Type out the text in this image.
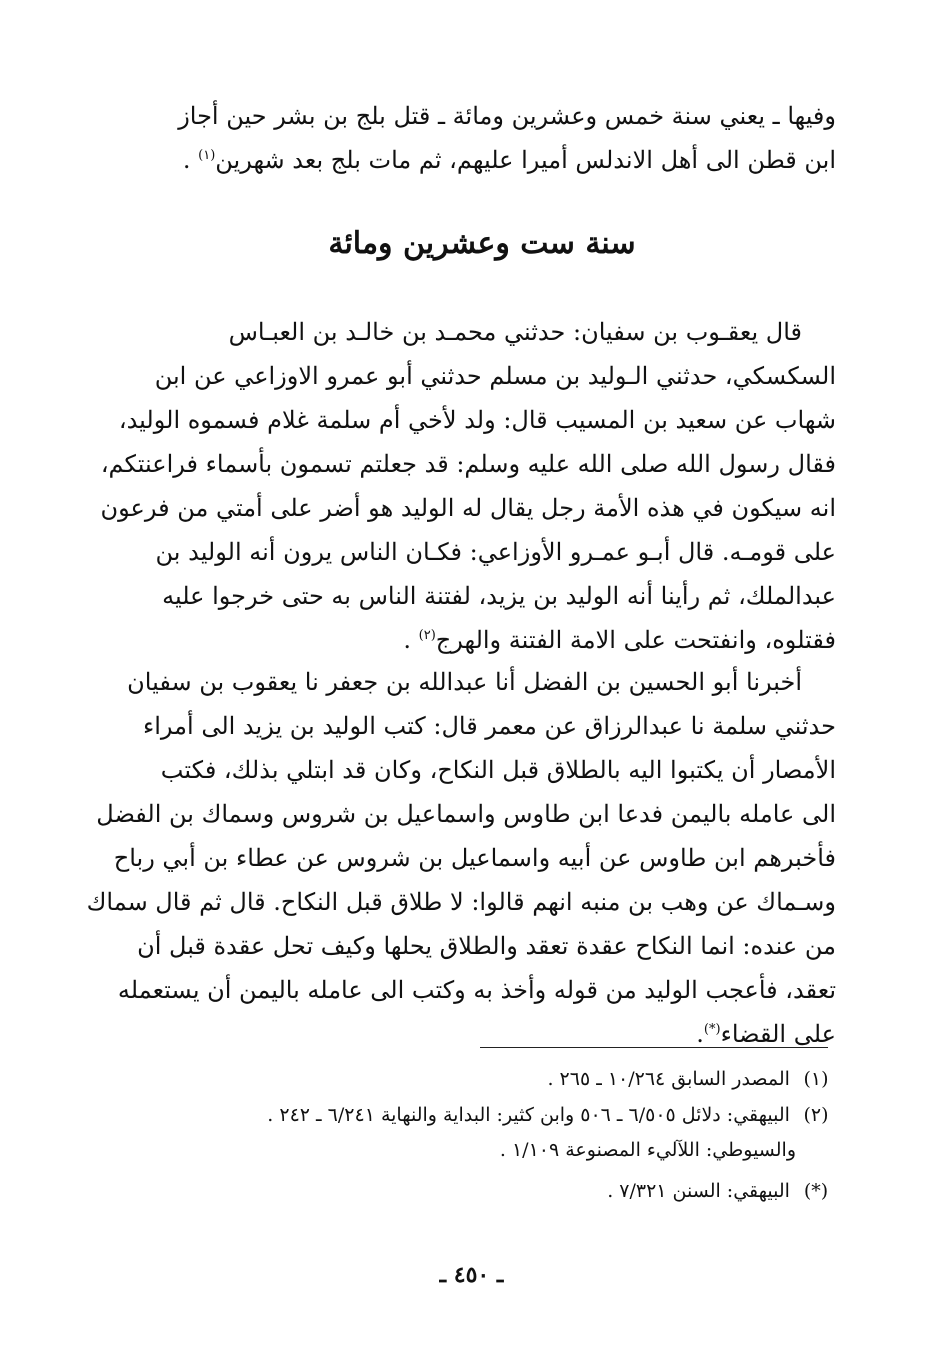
وفيها ـ يعني سنة خمس وعشرين ومائة ـ قتل بلج بن بشر حين أجاز
ابن قطن الى أهل الاندلس أميرا عليهم، ثم مات بلج بعد شهرين$^{(١)}$ .
سنة ست وعشرين ومائة
قال يعقـوب بن سفيان: حدثني محمـد بن خالـد بن العبـاس
السكسكي، حدثني الـوليد بن مسلم حدثني أبو عمرو الاوزاعي عن ابن
شهاب عن سعيد بن المسيب قال: ولد لأخي أم سلمة غلام فسموه الوليد،
فقال رسول الله صلى الله عليه وسلم: قد جعلتم تسمون بأسماء فراعنتكم،
انه سيكون في هذه الأمة رجل يقال له الوليد هو أضر على أمتي من فرعون
على قومـه. قال أبـو عمـرو الأوزاعي: فكـان الناس يرون أنه الوليد بن
عبدالملك، ثم رأينا أنه الوليد بن يزيد، لفتنة الناس به حتى خرجوا عليه
فقتلوه، وانفتحت على الامة الفتنة والهرج$^{(٢)}$ .
أخبرنا أبو الحسين بن الفضل أنا عبدالله بن جعفر نا يعقوب بن سفيان
حدثني سلمة نا عبدالرزاق عن معمر قال: كتب الوليد بن يزيد الى أمراء
الأمصار أن يكتبوا اليه بالطلاق قبل النكاح، وكان قد ابتلي بذلك، فكتب
الى عامله باليمن فدعا ابن طاوس واسماعيل بن شروس وسماك بن الفضل
فأخبرهم ابن طاوس عن أبيه واسماعيل بن شروس عن عطاء بن أبي رباح
وسـماك عن وهب بن منبه انهم قالوا: لا طلاق قبل النكاح. قال ثم قال سماك
من عنده: انما النكاح عقدة تعقد والطلاق يحلها وكيف تحل عقدة قبل أن
تعقد، فأعجب الوليد من قوله وأخذ به وكتب الى عامله باليمن أن يستعمله
على القضاء(*).
(١) المصدر السابق ١٠/٢٦٤ ـ ٢٦٥ .
(٢) البيهقي: دلائل ٦/٥٠٥ ـ ٥٠٦ وابن كثير: البداية والنهاية ٦/٢٤١ ـ ٢٤٢ .
والسيوطي: اللآليء المصنوعة ١/١٠٩ .
(*) البيهقي: السنن ٧/٣٢١ .
ـ ٤٥٠ ـ
